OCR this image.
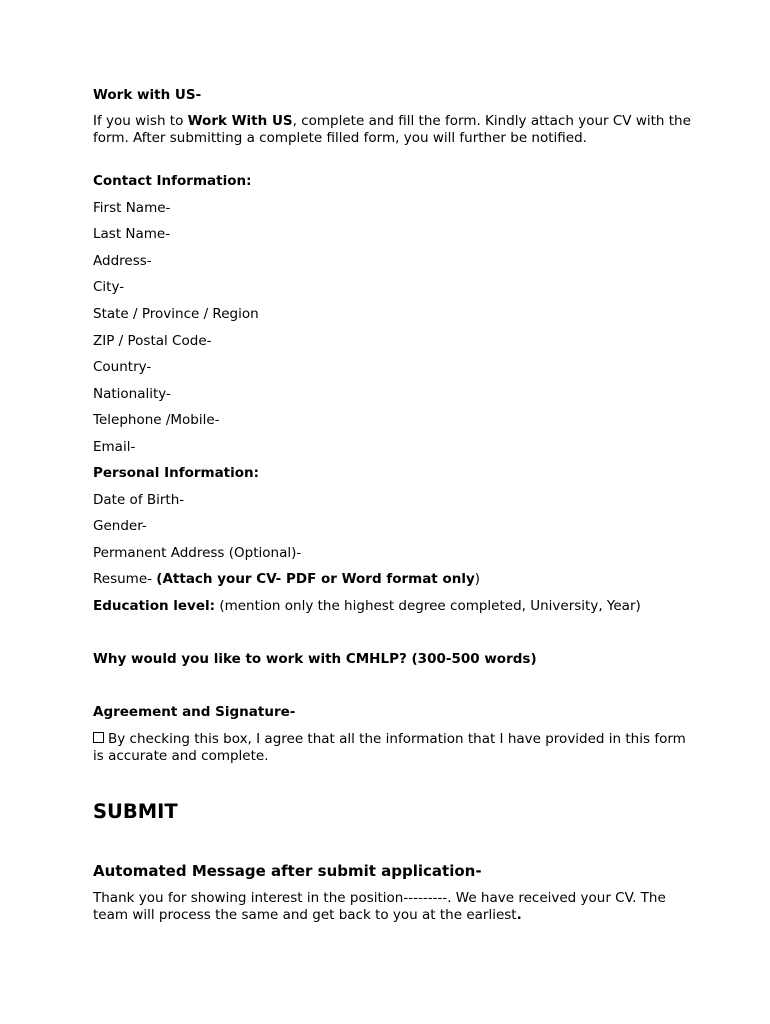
Work with US-

If you wish to Work With US, complete and fill the form. Kindly attach your CV with the form. After submitting a complete filled form, you will further be notified.

Contact Information:

First Name-

Last Name-

Address-

City-

State / Province / Region

ZIP / Postal Code-

Country-

Nationality-

Telephone /Mobile-

Email-

Personal Information:

Date of Birth-

Gender-

Permanent Address (Optional)-

Resume- (Attach your CV- PDF or Word format only)

Education level: (mention only the highest degree completed, University, Year)

Why would you like to work with CMHLP? (300-500 words)

Agreement and Signature-

By checking this box, I agree that all the information that I have provided in this form is accurate and complete.

SUBMIT

Automated Message after submit application-

Thank you for showing interest in the position---------. We have received your CV. The team will process the same and get back to you at the earliest.
